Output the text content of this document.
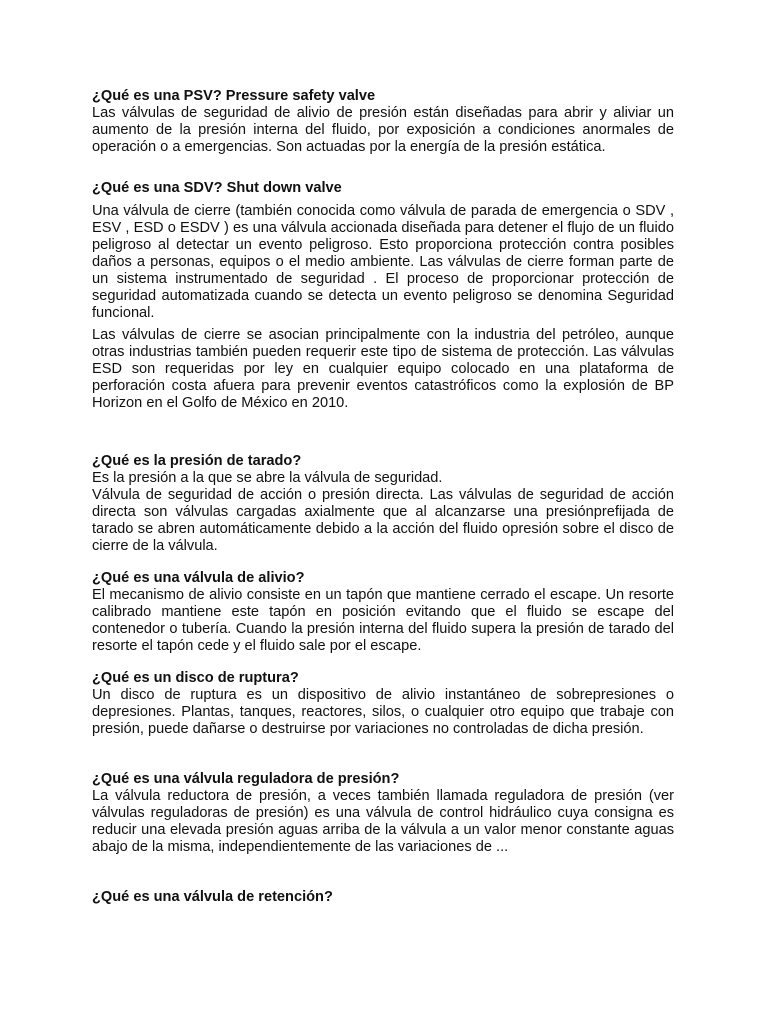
¿Qué es una PSV? Pressure safety valve

Las válvulas de seguridad de alivio de presión están diseñadas para abrir y aliviar un aumento de la presión interna del fluido, por exposición a condiciones anormales de operación o a emergencias. Son actuadas por la energía de la presión estática.

¿Qué es una SDV? Shut down valve

Una válvula de cierre (también conocida como válvula de parada de emergencia o SDV , ESV , ESD o ESDV ) es una válvula accionada diseñada para detener el flujo de un fluido peligroso al detectar un evento peligroso. Esto proporciona protección contra posibles daños a personas, equipos o el medio ambiente. Las válvulas de cierre forman parte de un sistema instrumentado de seguridad . El proceso de proporcionar protección de seguridad automatizada cuando se detecta un evento peligroso se denomina Seguridad funcional.

Las válvulas de cierre se asocian principalmente con la industria del petróleo, aunque otras industrias también pueden requerir este tipo de sistema de protección. Las válvulas ESD son requeridas por ley en cualquier equipo colocado en una plataforma de perforación costa afuera para prevenir eventos catastróficos como la explosión de BP Horizon en el Golfo de México en 2010.

¿Qué es la presión de tarado?

Es la presión a la que se abre la válvula de seguridad.

Válvula de seguridad de acción o presión directa. Las válvulas de seguridad de acción directa son válvulas cargadas axialmente que al alcanzarse una presiónprefijada de tarado se abren automáticamente debido a la acción del fluido opresión sobre el disco de cierre de la válvula.

¿Qué es una válvula de alivio?

El mecanismo de alivio consiste en un tapón que mantiene cerrado el escape. Un resorte calibrado mantiene este tapón en posición evitando que el fluido se escape del contenedor o tubería. Cuando la presión interna del fluido supera la presión de tarado del resorte el tapón cede y el fluido sale por el escape.

¿Qué es un disco de ruptura?

Un disco de ruptura es un dispositivo de alivio instantáneo de sobrepresiones o depresiones. Plantas, tanques, reactores, silos, o cualquier otro equipo que trabaje con presión, puede dañarse o destruirse por variaciones no controladas de dicha presión.

¿Qué es una válvula reguladora de presión?

La válvula reductora de presión, a veces también llamada reguladora de presión (ver válvulas reguladoras de presión) es una válvula de control hidráulico cuya consigna es reducir una elevada presión aguas arriba de la válvula a un valor menor constante aguas abajo de la misma, independientemente de las variaciones de ...

¿Qué es una válvula de retención?
